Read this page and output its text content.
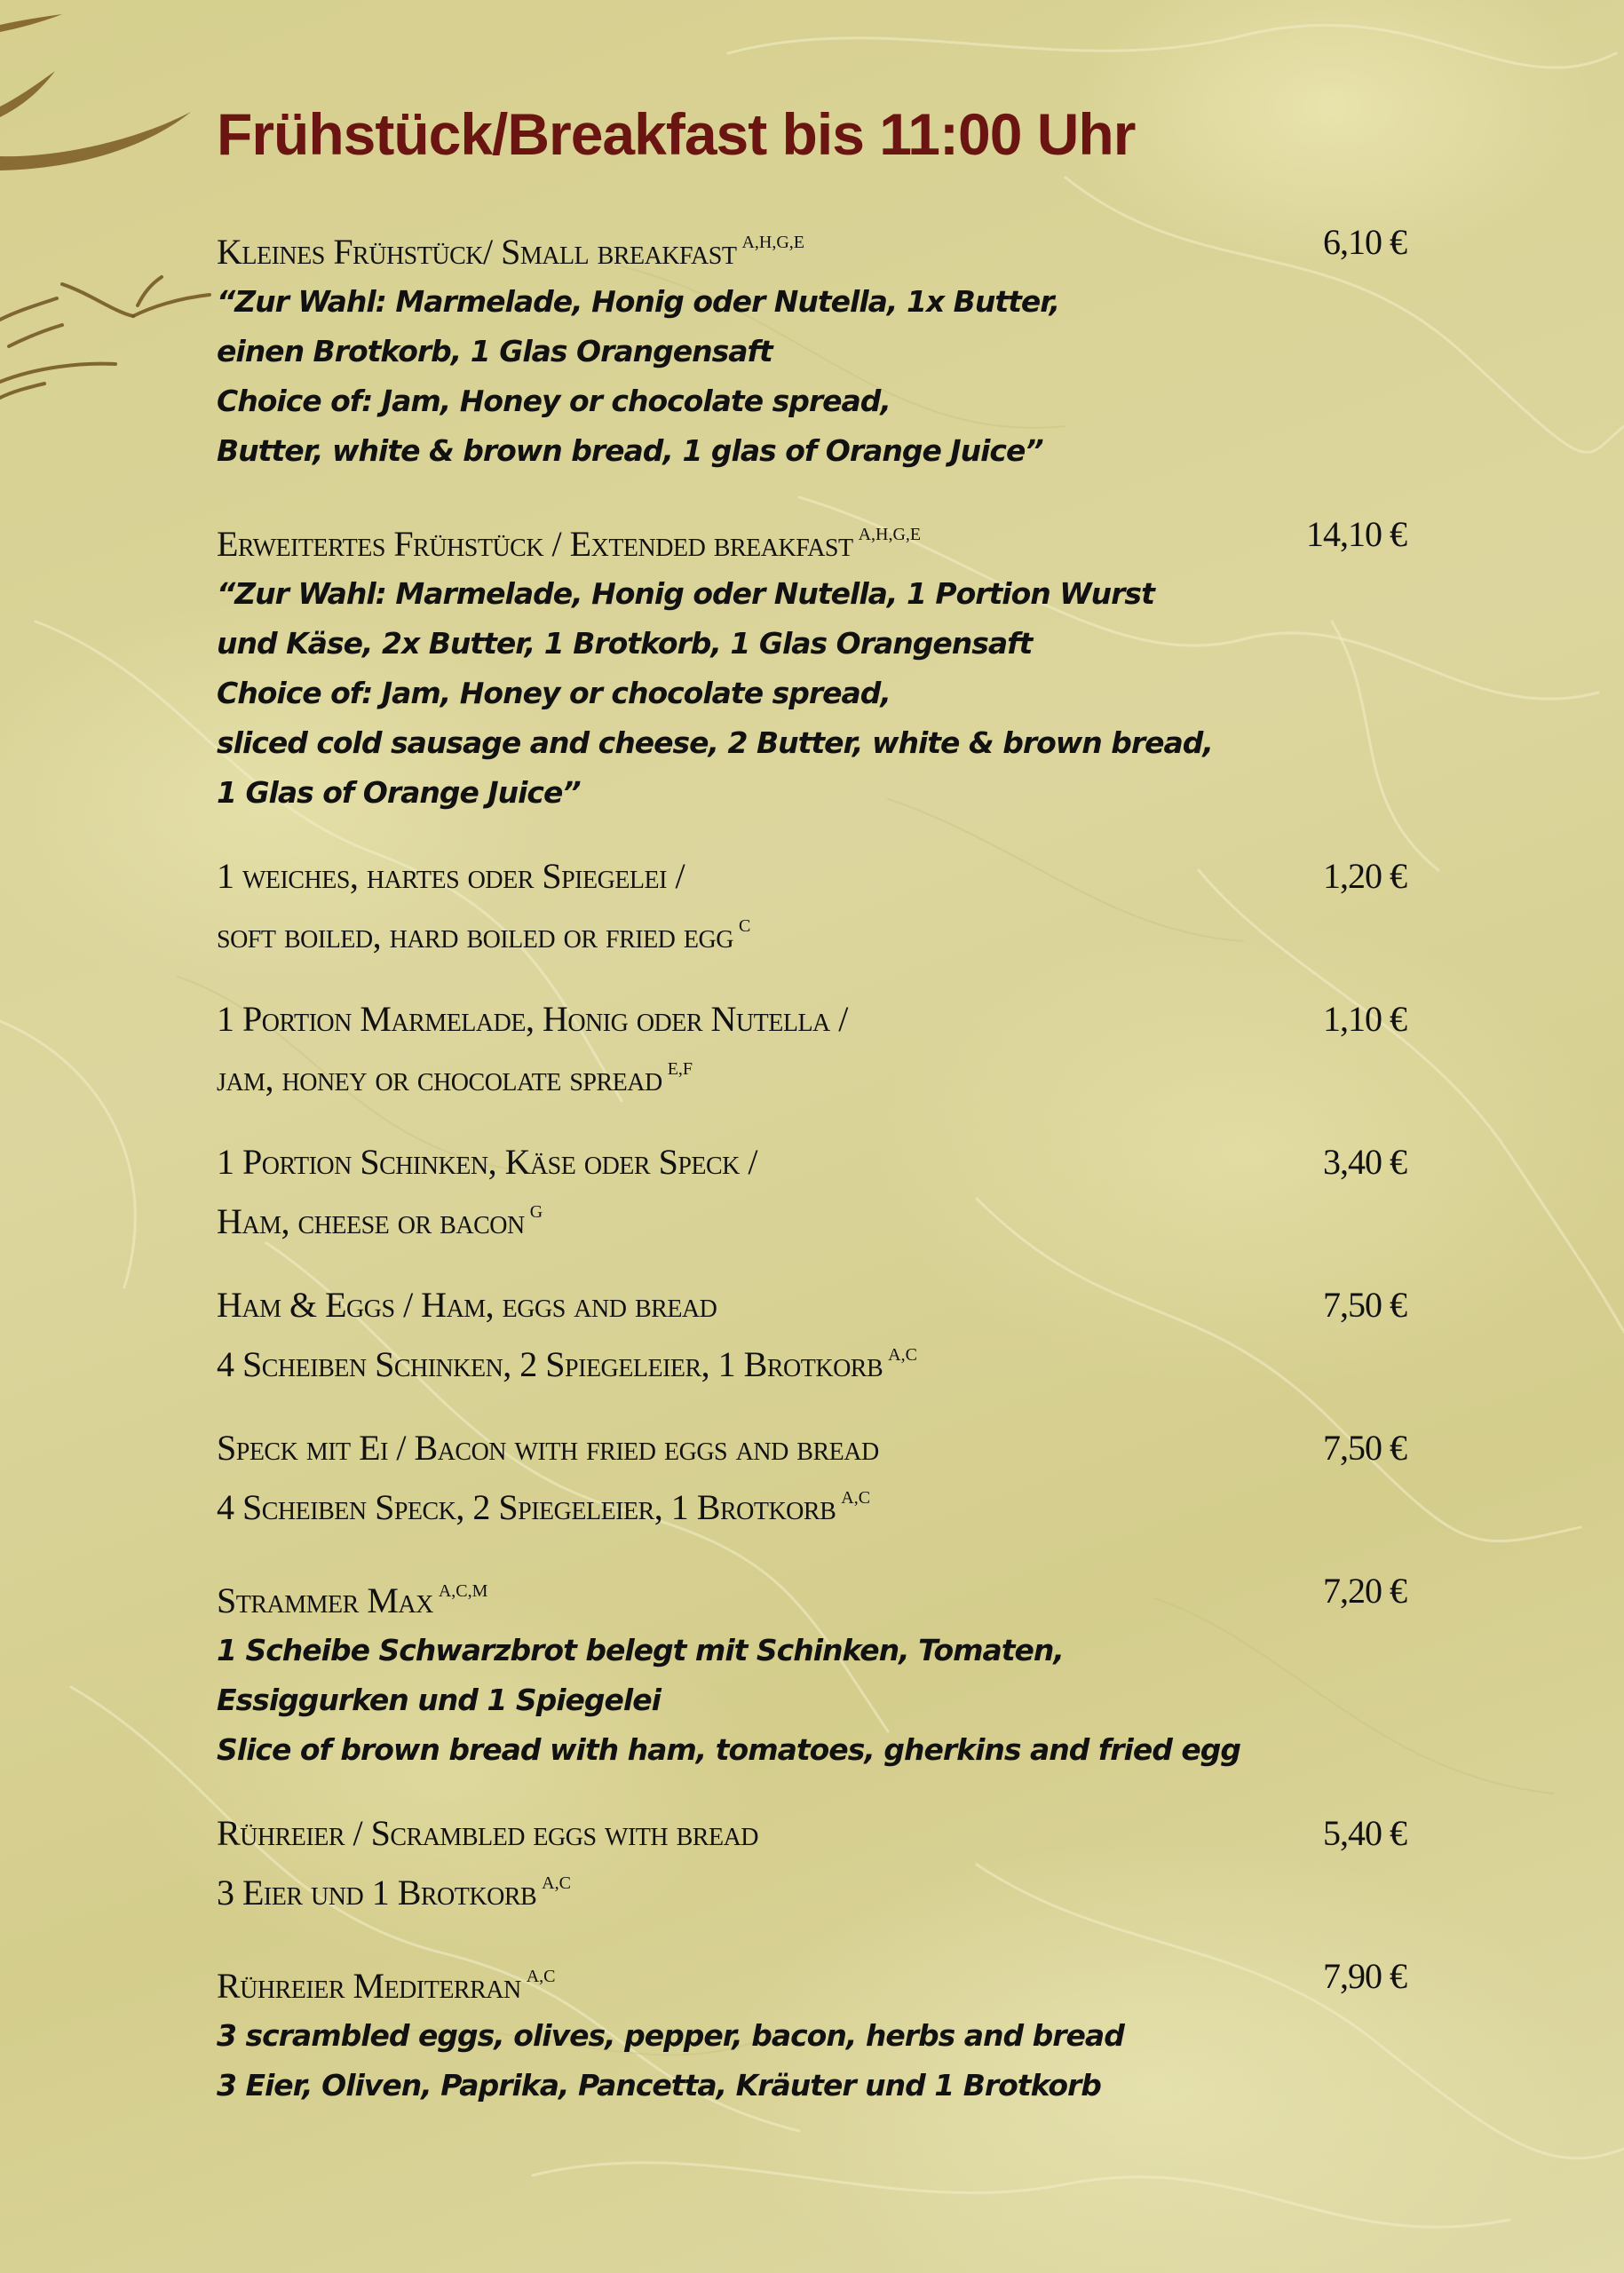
Frühstück/Breakfast bis 11:00 Uhr
Kleines Frühstück/ Small breakfast $^{A,H,G,E}$	6,10 €
“Zur Wahl: Marmelade, Honig oder Nutella, 1x Butter,
einen Brotkorb, 1 Glas Orangensaft
Choice of: Jam, Honey or chocolate spread,
Butter, white & brown bread, 1 glas of Orange Juice”
Erweitertes Frühstück / Extended breakfast $^{A,H,G,E}$	14,10 €
“Zur Wahl: Marmelade, Honig oder Nutella, 1 Portion Wurst
und Käse, 2x Butter, 1 Brotkorb, 1 Glas Orangensaft
Choice of: Jam, Honey or chocolate spread,
sliced cold sausage and cheese, 2 Butter, white & brown bread,
1 Glas of Orange Juice”
1 weiches, hartes oder Spiegelei /
soft boiled, hard boiled or fried egg $^C$
1,20 €
1 Portion Marmelade, Honig oder Nutella /
jam, honey or chocolate spread $^{E,F}$
1,10 €
1 Portion Schinken, Käse oder Speck /
Ham, cheese or bacon $^G$
3,40 €
Ham & Eggs / Ham, eggs and bread
4 Scheiben Schinken, 2 Spiegeleier, 1 Brotkorb $^{A,C}$
7,50 €
Speck mit Ei / Bacon with fried eggs and bread
4 Scheiben Speck, 2 Spiegeleier, 1 Brotkorb $^{A,C}$
7,50 €
Strammer Max $^{A,C,M}$	7,20 €
1 Scheibe Schwarzbrot belegt mit Schinken, Tomaten,
Essiggurken und 1 Spiegelei
Slice of brown bread with ham, tomatoes, gherkins and fried egg
Rühreier / Scrambled eggs with bread
3 Eier und 1 Brotkorb $^{A,C}$
5,40 €
Rühreier Mediterran $^{A,C}$	7,90 €
3 scrambled eggs, olives, pepper, bacon, herbs and bread
3 Eier, Oliven, Paprika, Pancetta, Kräuter und 1 Brotkorb
